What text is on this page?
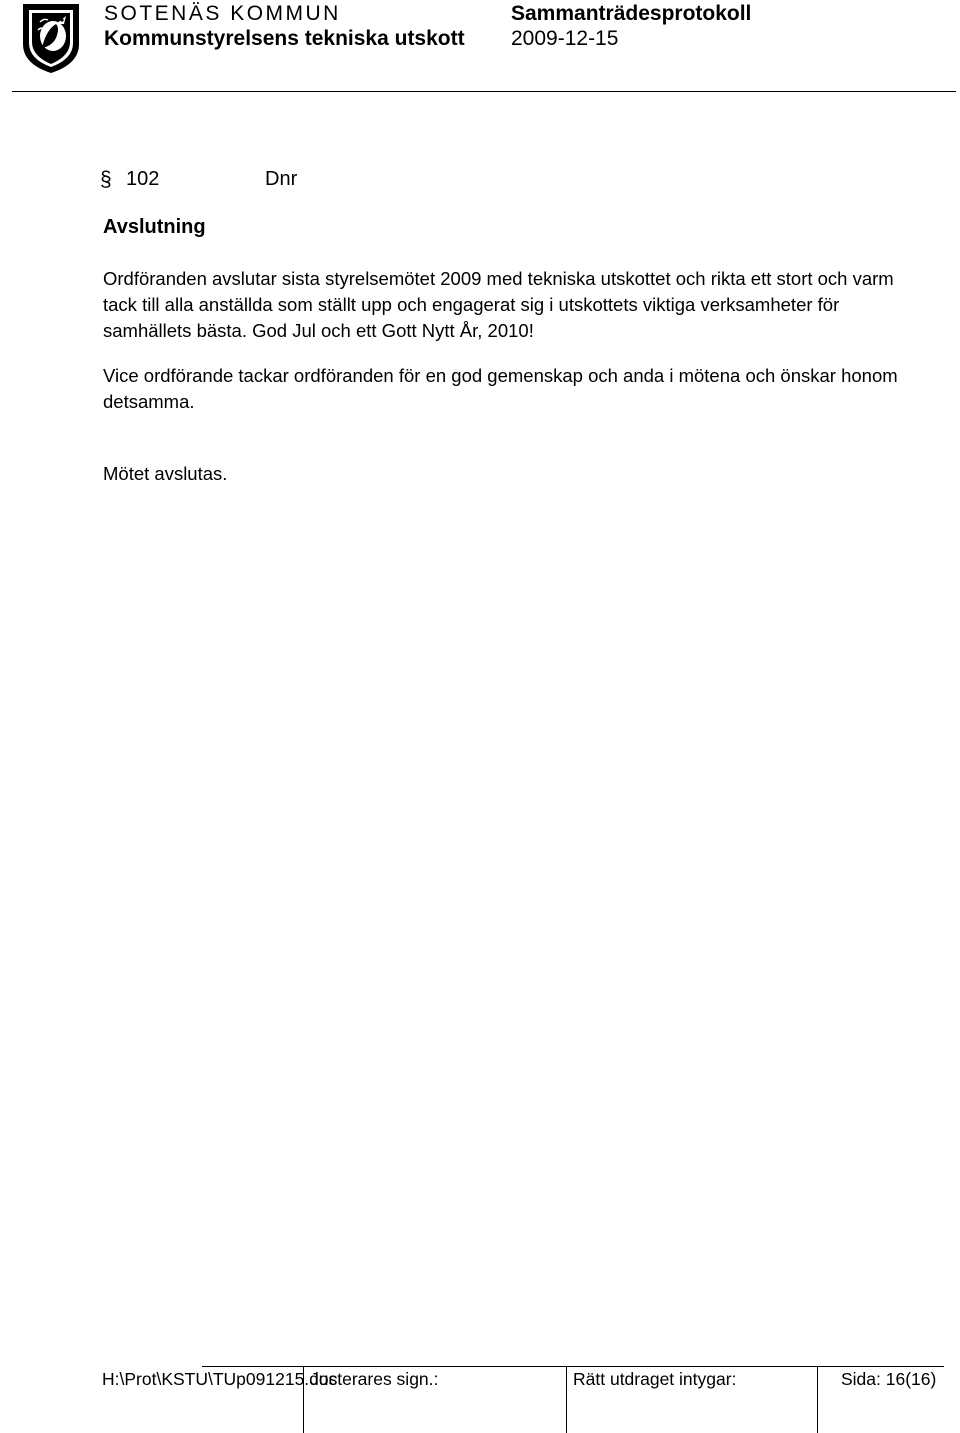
SOTENÄS KOMMUN
Kommunstyrelsens tekniska utskott
Sammanträdesprotokoll
2009-12-15
§ 102	Dnr
Avslutning
Ordföranden avslutar sista styrelsemötet 2009 med tekniska utskottet och rikta ett stort och varm tack till alla anställda som ställt upp och engagerat sig i utskottets viktiga verksamheter för samhällets bästa. God Jul och ett Gott Nytt År, 2010!
Vice ordförande tackar ordföranden för en god gemenskap och anda i mötena och önskar honom detsamma.
Mötet avslutas.
H:\Prot\KSTU\TUp091215.doc
Justerares sign.:	Rätt utdraget intygar:	Sida: 16(16)
